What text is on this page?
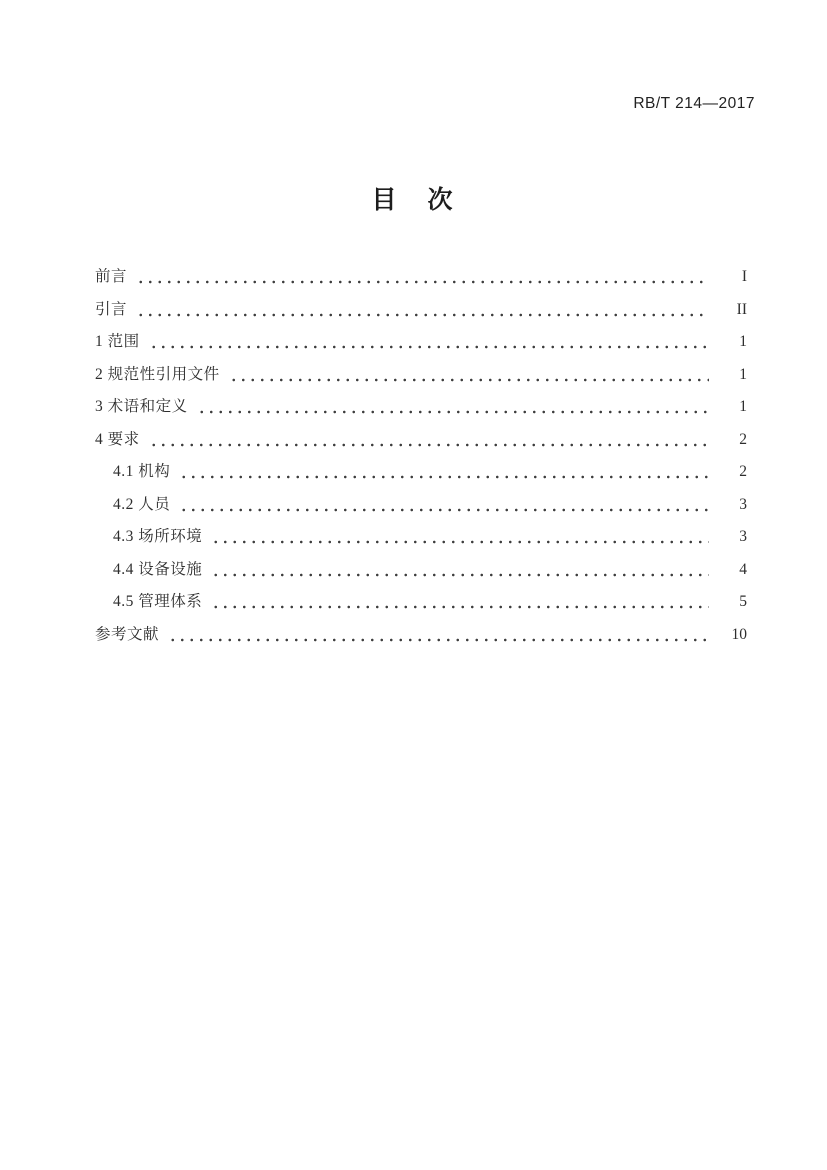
RB/T 214—2017
目　次
前言	I
引言	II
1 范围	1
2 规范性引用文件	1
3 术语和定义	1
4 要求	2
4.1 机构	2
4.2 人员	3
4.3 场所环境	3
4.4 设备设施	4
4.5 管理体系	5
参考文献	10
